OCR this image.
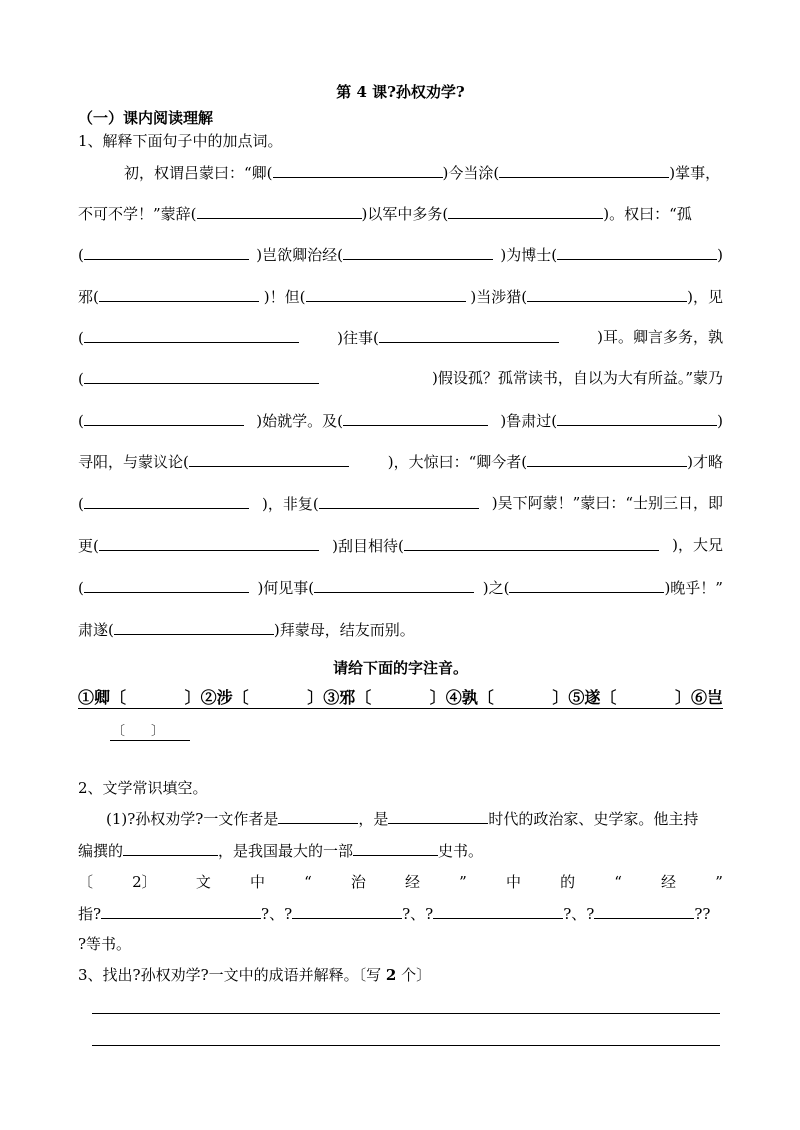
第 4 课?孙权劝学?
（一）课内阅读理解
1、解释下面句子中的加点词。
初，权谓吕蒙曰：“卿(	)今当涂(	)掌事，
不可不学！”蒙辞(	)以军中多务(	)。权曰：“孤
(	)岂欲卿治经(	)为博士(	)
邪(	)！但(	)当涉猎(	)，见
(	)往事(	)耳。卿言多务，孰
(	)假设孤？孤常读书，自以为大有所益。”蒙乃
(	)始就学。及(	)鲁肃过(	)
寻阳，与蒙议论(	)，大惊曰：“卿今者(	)才略
(	)，非复(	)吴下阿蒙！”蒙曰：“士别三日，即
更(	)刮目相待(	)，大兄
(	)何见事(	)之(	)晚乎！”
肃遂(	)拜蒙母，结友而别。
请给下面的字注音。
①卿〔	〕②涉〔	〕③邪〔	〕④孰〔	〕⑤遂〔	〕⑥岂
〔　　〕
2、文学常识填空。
(1)?孙权劝学?一文作者是	，是	时代的政治家、史学家。他主持
编撰的	，是我国最大的一部	史书。
〔	2〕	文	中	“	治	经	”	中	的	“	经	”
指?	?、?	?、?	?、?	??
?等书。
3、找出?孙权劝学?一文中的成语并解释。〔写 2 个〕
